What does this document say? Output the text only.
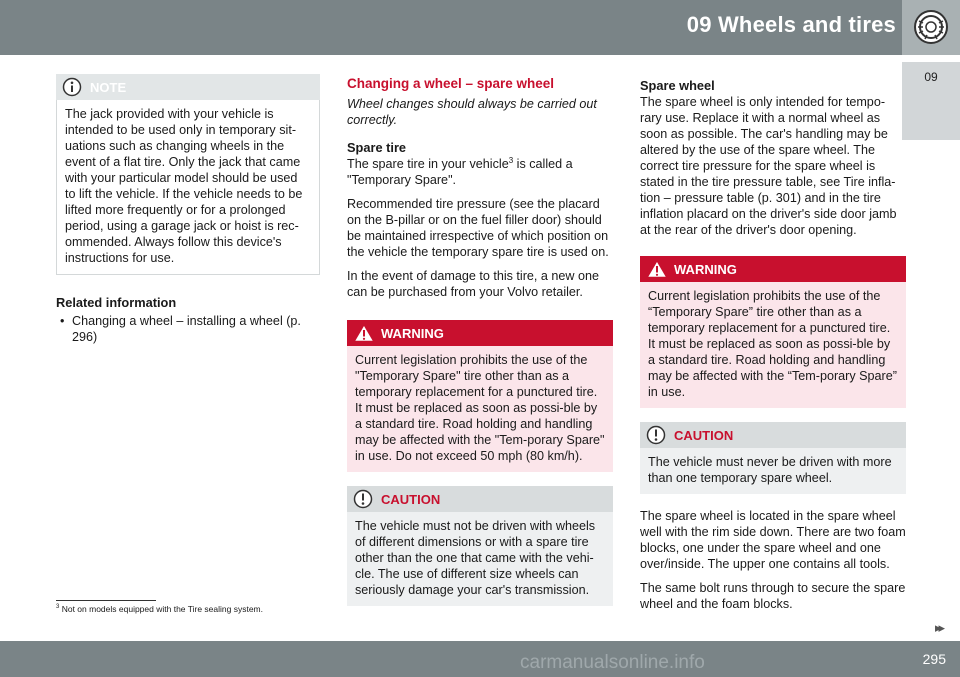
09 Wheels and tires
09
NOTE
The jack provided with your vehicle is intended to be used only in temporary sit-uations such as changing wheels in the event of a flat tire. Only the jack that came with your particular model should be used to lift the vehicle. If the vehicle needs to be lifted more frequently or for a prolonged period, using a garage jack or hoist is rec-ommended. Always follow this device's instructions for use.
Related information
• Changing a wheel – installing a wheel (p. 296)
Changing a wheel – spare wheel
Wheel changes should always be carried out correctly.
Spare tire

The spare tire in your vehicle$^3$ is called a "Temporary Spare".

Recommended tire pressure (see the placard on the B-pillar or on the fuel filler door) should be maintained irrespective of which position on the vehicle the temporary spare tire is used on.

In the event of damage to this tire, a new one can be purchased from your Volvo retailer.

WARNING
Current legislation prohibits the use of the "Temporary Spare" tire other than as a temporary replacement for a punctured tire. It must be replaced as soon as possi-ble by a standard tire. Road holding and handling may be affected with the "Tem-porary Spare" in use. Do not exceed 50 mph (80 km/h).
CAUTION
The vehicle must not be driven with wheels of different dimensions or with a spare tire other than the one that came with the vehi-cle. The use of different size wheels can seriously damage your car's transmission.
Spare wheel

The spare wheel is only intended for tempo-rary use. Replace it with a normal wheel as soon as possible. The car's handling may be altered by the use of the spare wheel. The correct tire pressure for the spare wheel is stated in the tire pressure table, see Tire infla-tion – pressure table (p. 301) and in the tire inflation placard on the driver's side door jamb at the rear of the driver's door opening.

WARNING
Current legislation prohibits the use of the “Temporary Spare” tire other than as a temporary replacement for a punctured tire. It must be replaced as soon as possi-ble by a standard tire. Road holding and handling may be affected with the “Tem-porary Spare” in use.
CAUTION
The vehicle must never be driven with more than one temporary spare wheel.

The spare wheel is located in the spare wheel well with the rim side down. There are two foam blocks, one under the spare wheel and one over/inside. The upper one contains all tools.

The same bolt runs through to secure the spare wheel and the foam blocks.

$^3$ Not on models equipped with the Tire sealing system.
▸▸
295
carmanualsonline.info
